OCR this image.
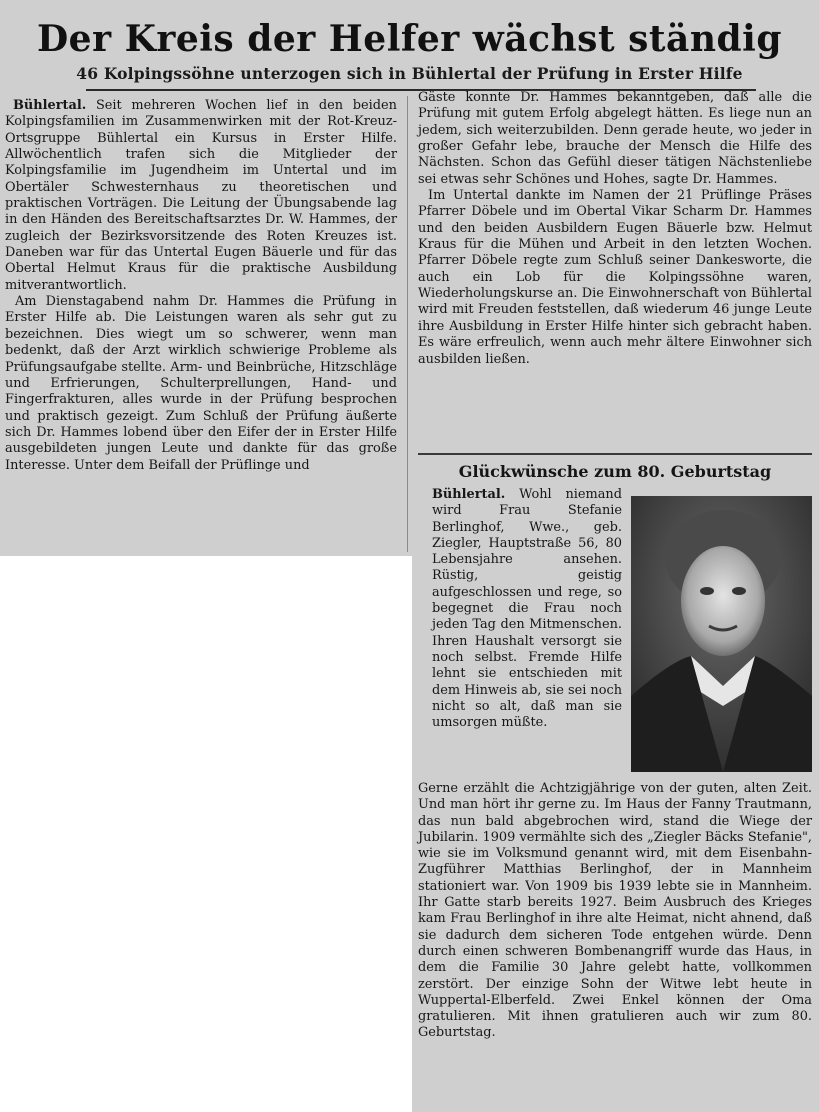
Der Kreis der Helfer wächst ständig
46 Kolpingssöhne unterzogen sich in Bühlertal der Prüfung in Erster Hilfe

Bühlertal. Seit mehreren Wochen lief in den beiden Kolpingsfamilien im Zusammenwirken mit der Rot-Kreuz-Ortsgruppe Bühlertal ein Kursus in Erster Hilfe. Allwöchentlich trafen sich die Mitglieder der Kolpingsfamilie im Jugendheim im Untertal und im Obertäler Schwesternhaus zu theoretischen und praktischen Vorträgen. Die Leitung der Übungsabende lag in den Händen des Bereitschaftsarztes Dr. W. Hammes, der zugleich der Bezirksvorsitzende des Roten Kreuzes ist. Daneben war für das Untertal Eugen Bäuerle und für das Obertal Helmut Kraus für die praktische Ausbildung mitverantwortlich.

Am Dienstagabend nahm Dr. Hammes die Prüfung in Erster Hilfe ab. Die Leistungen waren als sehr gut zu bezeichnen. Dies wiegt um so schwerer, wenn man bedenkt, daß der Arzt wirklich schwierige Probleme als Prüfungsaufgabe stellte. Arm- und Beinbrüche, Hitzschläge und Erfrierungen, Schulterprellungen, Hand- und Fingerfrakturen, alles wurde in der Prüfung besprochen und praktisch gezeigt. Zum Schluß der Prüfung äußerte sich Dr. Hammes lobend über den Eifer der in Erster Hilfe ausgebildeten jungen Leute und dankte für das große Interesse. Unter dem Beifall der Prüflinge und

Gäste konnte Dr. Hammes bekanntgeben, daß alle die Prüfung mit gutem Erfolg abgelegt hätten. Es liege nun an jedem, sich weiterzubilden. Denn gerade heute, wo jeder in großer Gefahr lebe, brauche der Mensch die Hilfe des Nächsten. Schon das Gefühl dieser tätigen Nächstenliebe sei etwas sehr Schönes und Hohes, sagte Dr. Hammes.

Im Untertal dankte im Namen der 21 Prüflinge Präses Pfarrer Döbele und im Obertal Vikar Scharm Dr. Hammes und den beiden Ausbildern Eugen Bäuerle bzw. Helmut Kraus für die Mühen und Arbeit in den letzten Wochen. Pfarrer Döbele regte zum Schluß seiner Dankesworte, die auch ein Lob für die Kolpingssöhne waren, Wiederholungskurse an. Die Einwohnerschaft von Bühlertal wird mit Freuden feststellen, daß wiederum 46 junge Leute ihre Ausbildung in Erster Hilfe hinter sich gebracht haben. Es wäre erfreulich, wenn auch mehr ältere Einwohner sich ausbilden ließen.

Glückwünsche zum 80. Geburtstag

Bühlertal. Wohl niemand wird Frau Stefanie Berlinghof, Wwe., geb. Ziegler, Hauptstraße 56, 80 Lebensjahre ansehen. Rüstig, geistig aufgeschlossen und rege, so begegnet die Frau noch jeden Tag den Mitmenschen. Ihren Haushalt versorgt sie noch selbst. Fremde Hilfe lehnt sie entschieden mit dem Hinweis ab, sie sei noch nicht so alt, daß man sie umsorgen müßte.

Gerne erzählt die Achtzigjährige von der guten, alten Zeit. Und man hört ihr gerne zu. Im Haus der Fanny Trautmann, das nun bald abgebrochen wird, stand die Wiege der Jubilarin. 1909 vermählte sich des „Ziegler Bäcks Stefanie", wie sie im Volksmund genannt wird, mit dem Eisenbahn-Zugführer Matthias Berlinghof, der in Mannheim stationiert war. Von 1909 bis 1939 lebte sie in Mannheim. Ihr Gatte starb bereits 1927. Beim Ausbruch des Krieges kam Frau Berlinghof in ihre alte Heimat, nicht ahnend, daß sie dadurch dem sicheren Tode entgehen würde. Denn durch einen schweren Bombenangriff wurde das Haus, in dem die Familie 30 Jahre gelebt hatte, vollkommen zerstört. Der einzige Sohn der Witwe lebt heute in Wuppertal-Elberfeld. Zwei Enkel können der Oma gratulieren. Mit ihnen gratulieren auch wir zum 80. Geburtstag.
